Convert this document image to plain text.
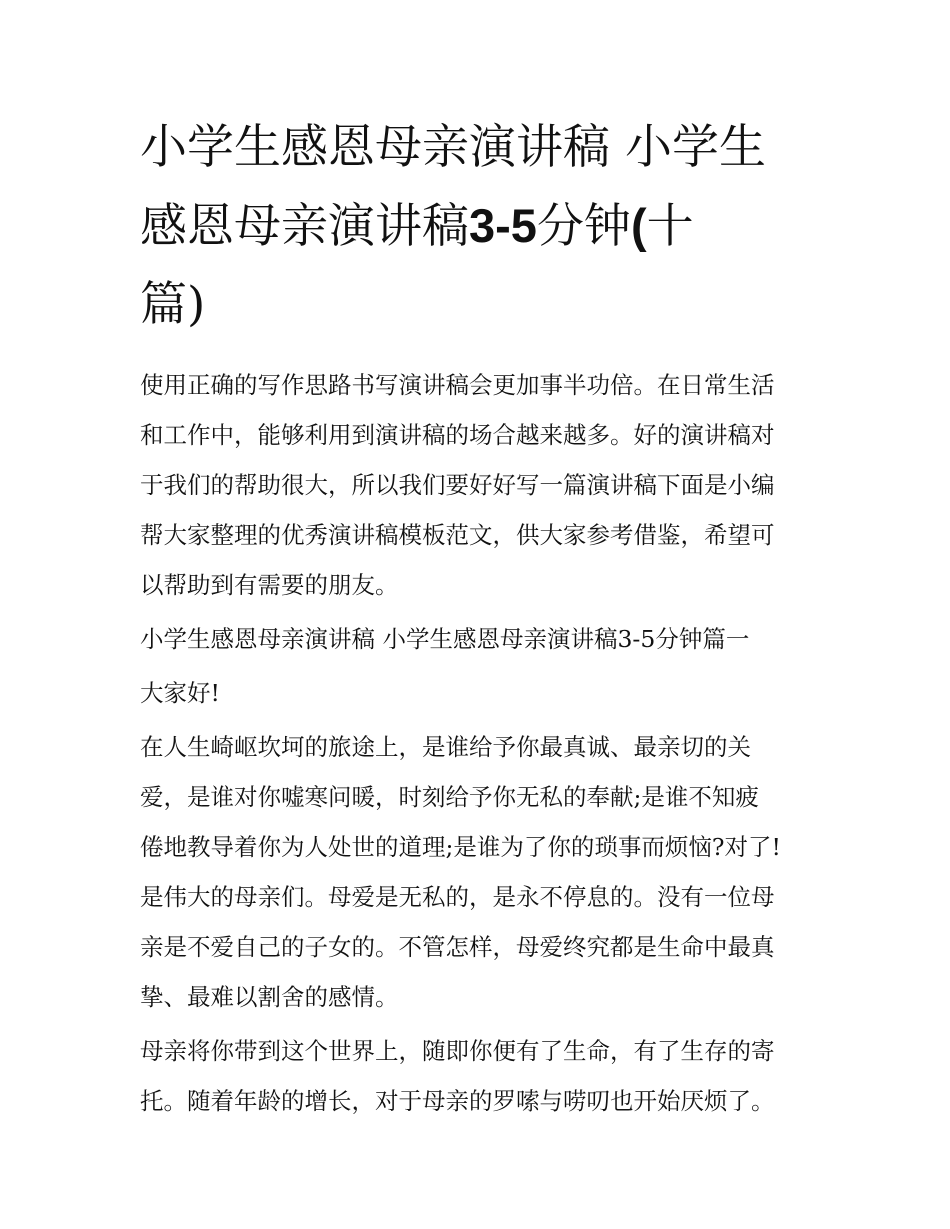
小学生感恩母亲演讲稿 小学生
感恩母亲演讲稿3-5分钟(十
篇)

使用正确的写作思路书写演讲稿会更加事半功倍。在日常生活
和工作中，能够利用到演讲稿的场合越来越多。好的演讲稿对
于我们的帮助很大，所以我们要好好写一篇演讲稿下面是小编
帮大家整理的优秀演讲稿模板范文，供大家参考借鉴，希望可
以帮助到有需要的朋友。

小学生感恩母亲演讲稿 小学生感恩母亲演讲稿3-5分钟篇一

大家好!

在人生崎岖坎坷的旅途上，是谁给予你最真诚、最亲切的关
爱，是谁对你嘘寒问暖，时刻给予你无私的奉献;是谁不知疲
倦地教导着你为人处世的道理;是谁为了你的琐事而烦恼?对了!
是伟大的母亲们。母爱是无私的，是永不停息的。没有一位母
亲是不爱自己的子女的。不管怎样，母爱终究都是生命中最真
挚、最难以割舍的感情。

母亲将你带到这个世界上，随即你便有了生命，有了生存的寄
托。随着年龄的增长，对于母亲的罗嗦与唠叨也开始厌烦了。
